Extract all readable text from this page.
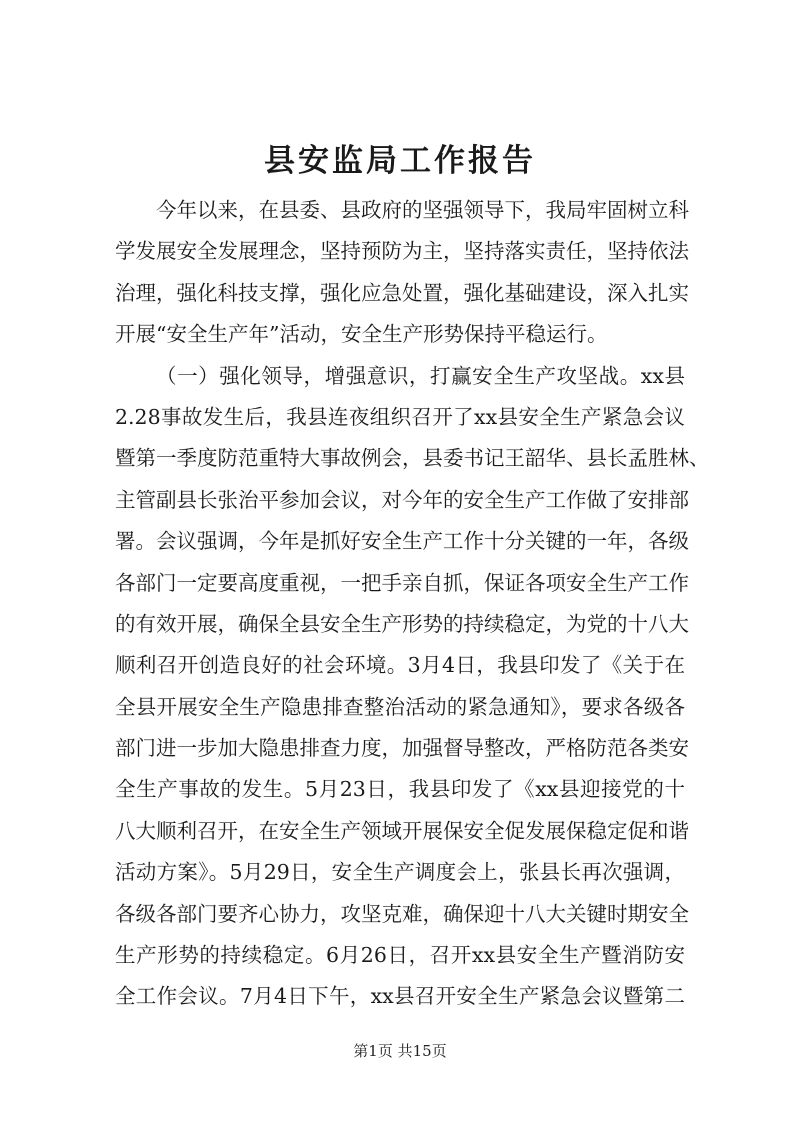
县安监局工作报告

今年以来，在县委、县政府的坚强领导下，我局牢固树立科

学发展安全发展理念，坚持预防为主，坚持落实责任，坚持依法

治理，强化科技支撑，强化应急处置，强化基础建设，深入扎实

开展“安全生产年”活动，安全生产形势保持平稳运行。

（一）强化领导，增强意识，打赢安全生产攻坚战。xx县

2.28事故发生后，我县连夜组织召开了xx县安全生产紧急会议

暨第一季度防范重特大事故例会，县委书记王韶华、县长孟胜林、

主管副县长张治平参加会议，对今年的安全生产工作做了安排部

署。会议强调，今年是抓好安全生产工作十分关键的一年，各级

各部门一定要高度重视，一把手亲自抓，保证各项安全生产工作

的有效开展，确保全县安全生产形势的持续稳定，为党的十八大

顺利召开创造良好的社会环境。3月4日，我县印发了《关于在

全县开展安全生产隐患排查整治活动的紧急通知》，要求各级各

部门进一步加大隐患排查力度，加强督导整改，严格防范各类安

全生产事故的发生。5月23日，我县印发了《xx县迎接党的十

八大顺利召开，在安全生产领域开展保安全促发展保稳定促和谐

活动方案》。5月29日，安全生产调度会上，张县长再次强调，

各级各部门要齐心协力，攻坚克难，确保迎十八大关键时期安全

生产形势的持续稳定。6月26日，召开xx县安全生产暨消防安

全工作会议。7月4日下午，xx县召开安全生产紧急会议暨第二

第1页 共15页
